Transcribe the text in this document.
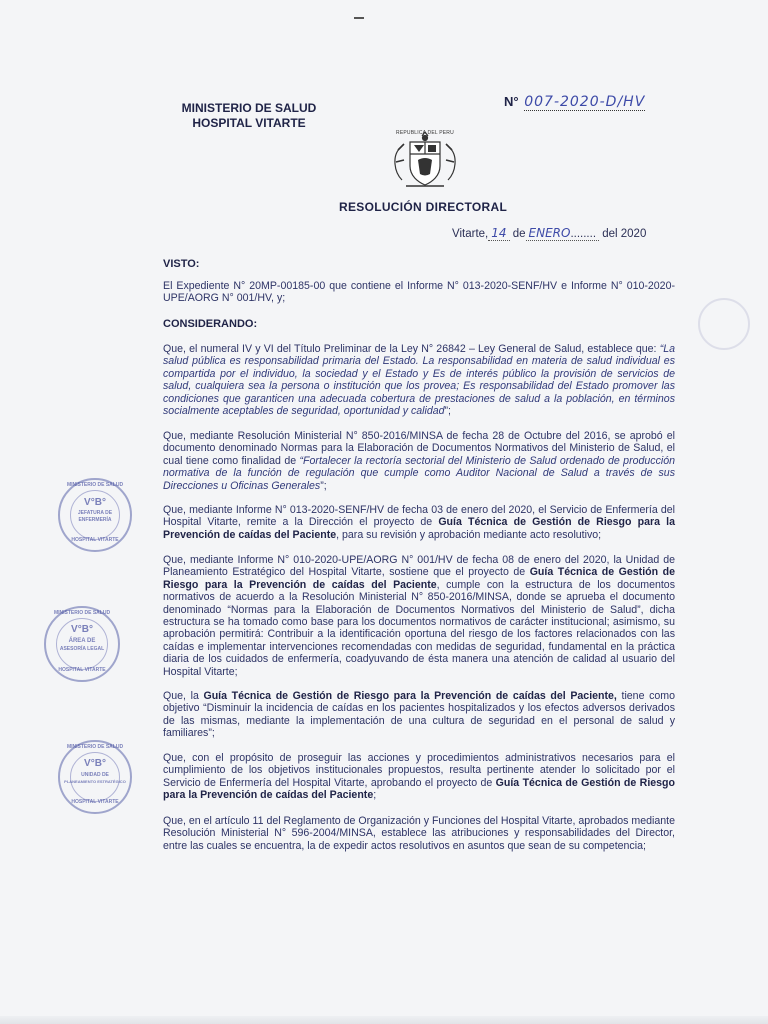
MINISTERIO DE SALUD
HOSPITAL VITARTE
N° 007-2020-D/HV
REPUBLICA DEL PERU
RESOLUCIÓN DIRECTORAL
Vitarte, 14 de ENERO........ del 2020
VISTO:
El Expediente N° 20MP-00185-00 que contiene el Informe N° 013-2020-SENF/HV e Informe N° 010-2020-UPE/AORG N° 001/HV, y;
CONSIDERANDO:
Que, el numeral IV y VI del Título Preliminar de la Ley N° 26842 – Ley General de Salud, establece que: “La salud pública es responsabilidad primaria del Estado. La responsabilidad en materia de salud individual es compartida por el individuo, la sociedad y el Estado y Es de interés público la provisión de servicios de salud, cualquiera sea la persona o institución que los provea; Es responsabilidad del Estado promover las condiciones que garanticen una adecuada cobertura de prestaciones de salud a la población, en términos socialmente aceptables de seguridad, oportunidad y calidad”;
Que, mediante Resolución Ministerial N° 850-2016/MINSA de fecha 28 de Octubre del 2016, se aprobó el documento denominado Normas para la Elaboración de Documentos Normativos del Ministerio de Salud, el cual tiene como finalidad de “Fortalecer la rectoría sectorial del Ministerio de Salud ordenado de producción normativa de la función de regulación que cumple como Auditor Nacional de Salud a través de sus Direcciones u Oficinas Generales”;
Que, mediante Informe N° 013-2020-SENF/HV de fecha 03 de enero del 2020, el Servicio de Enfermería del Hospital Vitarte, remite a la Dirección el proyecto de Guía Técnica de Gestión de Riesgo para la Prevención de caídas del Paciente, para su revisión y aprobación mediante acto resolutivo;
Que, mediante Informe N° 010-2020-UPE/AORG N° 001/HV de fecha 08 de enero del 2020, la Unidad de Planeamiento Estratégico del Hospital Vitarte, sostiene que el proyecto de Guía Técnica de Gestión de Riesgo para la Prevención de caídas del Paciente, cumple con la estructura de los documentos normativos de acuerdo a la Resolución Ministerial N° 850-2016/MINSA, donde se aprueba el documento denominado “Normas para la Elaboración de Documentos Normativos del Ministerio de Salud”, dicha estructura se ha tomado como base para los documentos normativos de carácter institucional; asimismo, su aprobación permitirá: Contribuir a la identificación oportuna del riesgo de los factores relacionados con las caídas e implementar intervenciones recomendadas con medidas de seguridad, fundamental en la práctica diaria de los cuidados de enfermería, coadyuvando de ésta manera una atención de calidad al usuario del Hospital Vitarte;
Que, la Guía Técnica de Gestión de Riesgo para la Prevención de caídas del Paciente, tiene como objetivo “Disminuir la incidencia de caídas en los pacientes hospitalizados y los efectos adversos derivados de las mismas, mediante la implementación de una cultura de seguridad en el personal de salud y familiares”;
Que, con el propósito de proseguir las acciones y procedimientos administrativos necesarios para el cumplimiento de los objetivos institucionales propuestos, resulta pertinente atender lo solicitado por el Servicio de Enfermería del Hospital Vitarte, aprobando el proyecto de Guía Técnica de Gestión de Riesgo para la Prevención de caídas del Paciente;
Que, en el artículo 11 del Reglamento de Organización y Funciones del Hospital Vitarte, aprobados mediante Resolución Ministerial N° 596-2004/MINSA, establece las atribuciones y responsabilidades del Director, entre las cuales se encuentra, la de expedir actos resolutivos en asuntos que sean de su competencia;
MINISTERIO DE SALUD
V°B°
JEFATURA DE
ENFERMERÍA
HOSPITAL VITARTE
MINISTERIO DE SALUD
V°B°
ÁREA DE
ASESORÍA LEGAL
HOSPITAL VITARTE
MINISTERIO DE SALUD
V°B°
UNIDAD DE
PLANEAMIENTO ESTRATÉGICO
HOSPITAL VITARTE
